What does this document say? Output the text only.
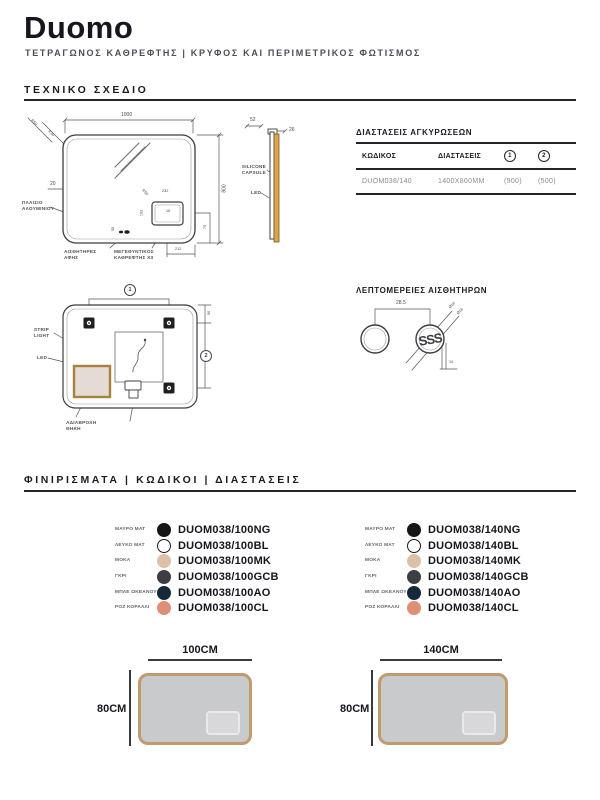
Duomo
ΤΕΤΡΑΓΩΝΟΣ ΚΑΘΡΕΦΤΗΣ | ΚΡΥΦΟΣ ΚΑΙ ΠΕΡΙΜΕΤΡΙΚΟΣ ΦΩΤΙΣΜΟΣ
ΤΕΧΝΙΚΟ ΣΧΕΔΙΟ
1000
800
20
R50
R30
232
192
R50
16
70
212
55
ΠΛΑΙΣΙΟ ΑΛΟΥΜΙΝΙΟΥ
ΑΙΣΘΗΤΗΡΕΣ ΑΦΗΣ
ΜΕΓΕΘΥΝΤΙΚΟΣ ΚΑΘΡΕΦΤΗΣ Χ3
52
26
SILICONE CAPSULE
LED
ΔΙΑΣΤΑΣΕΙΣ ΑΓΚΥΡΩΣΕΩΝ
ΚΩΔΙΚΟΣ	ΔΙΑΣΤΑΣΕΙΣ	1	2
DUOM038/140	1400X800MM	(900)	(500)
ΛΕΠΤΟΜΕΡΕΙΕΣ ΑΙΣΘΗΤΗΡΩΝ
SSS
28.5	Ø18
Ø16
10
1
2
90
STRIP LIGHT
LED
ΑΔΙΑΒΡΟΧΗ ΘΗΚΗ
ΦΙΝΙΡΙΣΜΑΤΑ | ΚΩΔΙΚΟΙ | ΔΙΑΣΤΑΣΕΙΣ
ΜΑΥΡΟ ΜΑΤ	DUOM038/100NG
ΛΕΥΚΟ ΜΑΤ	DUOM038/100BL
ΜΟΚΑ	DUOM038/100MK
ΓΚΡΙ	DUOM038/100GCB
ΜΠΛΕ ΩΚΕΑΝΟΥ DUOM038/100AO
ΡΟΖ ΚΟΡΑΛΛΙ	DUOM038/100CL
ΜΑΥΡΟ ΜΑΤ	DUOM038/140NG
ΛΕΥΚΟ ΜΑΤ	DUOM038/140BL
ΜΟΚΑ	DUOM038/140MK
ΓΚΡΙ	DUOM038/140GCB
ΜΠΛΕ ΩΚΕΑΝΟΥ DUOM038/140AO
ΡΟΖ ΚΟΡΑΛΛΙ	DUOM038/140CL
100CM
80CM
140CM
80CM
